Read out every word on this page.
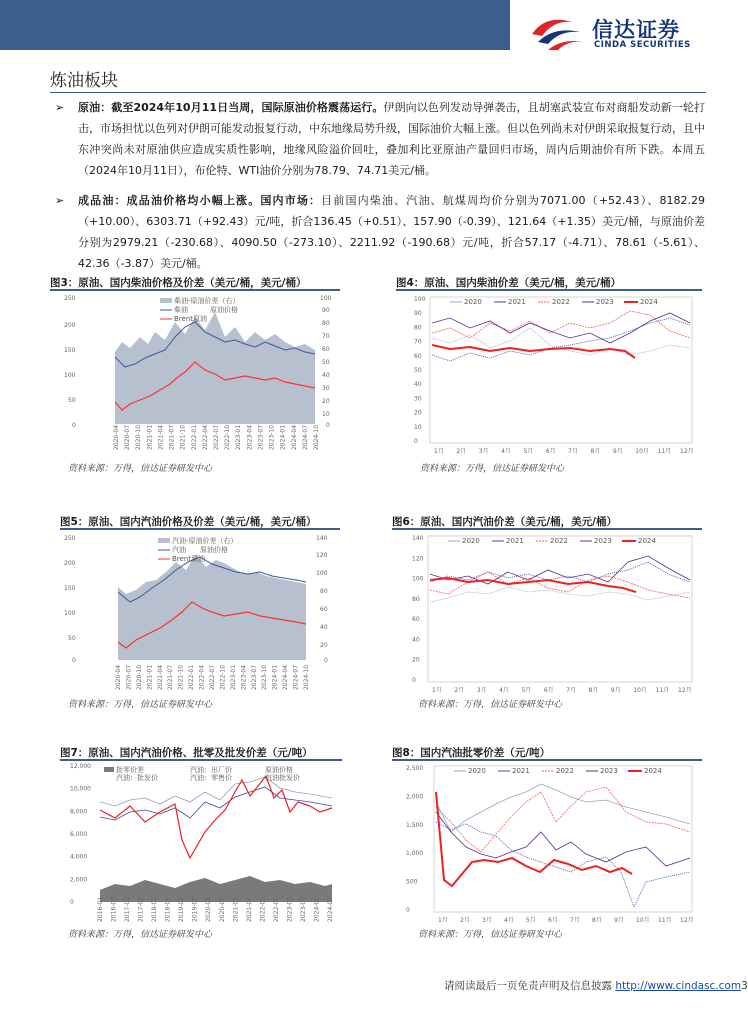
信达证券
CINDA SECURITIES
炼油板块
➢ 原油：截至2024年10月11日当周，国际原油价格震荡运行。伊朗向以色列发动导弹袭击，且胡塞武装宣布对商船发动新一轮打击，市场担忧以色列对伊朗可能发动报复行动，中东地缘局势升级，国际油价大幅上涨。但以色列尚未对伊朗采取报复行动，且中东冲突尚未对原油供应造成实质性影响，地缘风险溢价回吐，叠加利比亚原油产量回归市场，周内后期油价有所下跌。本周五（2024年10月11日），布伦特、WTI油价分别为78.79、74.71美元/桶。
➢ 成品油：成品油价格均小幅上涨。国内市场：目前国内柴油、汽油、航煤周均价分别为7071.00（+52.43）、8182.29（+10.00）、6303.71（+92.43）元/吨，折合136.45（+0.51）、157.90（-0.39）、121.64（+1.35）美元/桶，与原油价差分别为2979.21（-230.68）、4090.50（-273.10）、2211.92（-190.68）元/吨，折合57.17（-4.71）、78.61（-5.61）、42.36（-3.87）美元/桶。
图3：原油、国内柴油价格及价差（美元/桶，美元/桶）
250
200
150
100
50
0
100
90
80
70
60
50
40
30
20
10
0
柴油-原油价差（右）
柴油	原油价格
Brent原油
2020-04 2020-07 2020-10 2021-01 2021-04 2021-07 2021-10 2022-01 2022-04 2022-07 2022-10 2023-01 2023-04 2023-07 2023-10 2024-01 2024-04 2024-07 2024-10
资料来源：万得，信达证券研发中心
图4：原油、国内柴油价差（美元/桶，美元/桶）
100
90
80
70
60
50
40
30
20
10
0
2020	2021	2022	2023	2024
1月 2月 3月 4月 5月 6月 7月 8月 9月 10月 11月 12月
资料来源：万得，信达证券研发中心
图5：原油、国内汽油价格及价差（美元/桶，美元/桶）
250
200
150
100
50
0
140
120
100
80
60
40
20
0
汽油-原油价差（右）
汽油 原油价格
Brent原油
2020-04 2020-07 2020-10 2021-01 2021-04 2021-07 2021-10 2022-01 2022-04 2022-07 2022-10 2023-01 2023-04 2023-07 2023-10 2024-01 2024-04 2024-07 2024-10
资料来源：万得，信达证券研发中心
图6：原油、国内汽油价差（美元/桶，美元/桶）
140
120
100
80
60
40
20
0
2020	2021	2022	2023	2024
1月 2月 3月 4月 5月 6月 7月 8月 9月 10月 11月 12月
资料来源：万得，信达证券研发中心
图7：原油、国内汽油价格、批零及批发价差（元/吨）
12,000
10,000
8,000
6,000
4,000
2,000
0
批零价差
汽油：批发价
汽油：出厂价
汽油：零售价
原油价格
汽油批发价
2016-01 2016-07 2017-01 2017-07 2018-01 2018-07 2019-01 2019-07 2020-01 2020-07 2021-01 2021-07 2022-01 2022-07 2023-01 2023-07 2024-01 2024-07
资料来源：万得，信达证券研发中心
图8：国内汽油批零价差（元/吨）
2,500
2,000
1,500
1,000
500
0
2020	2021	2022	2023	2024
1月 2月 3月 4月 5月 6月 7月 8月 9月 10月 11月 12月
资料来源：万得，信达证券研发中心
请阅读最后一页免责声明及信息披露 http://www.cindasc.com3
